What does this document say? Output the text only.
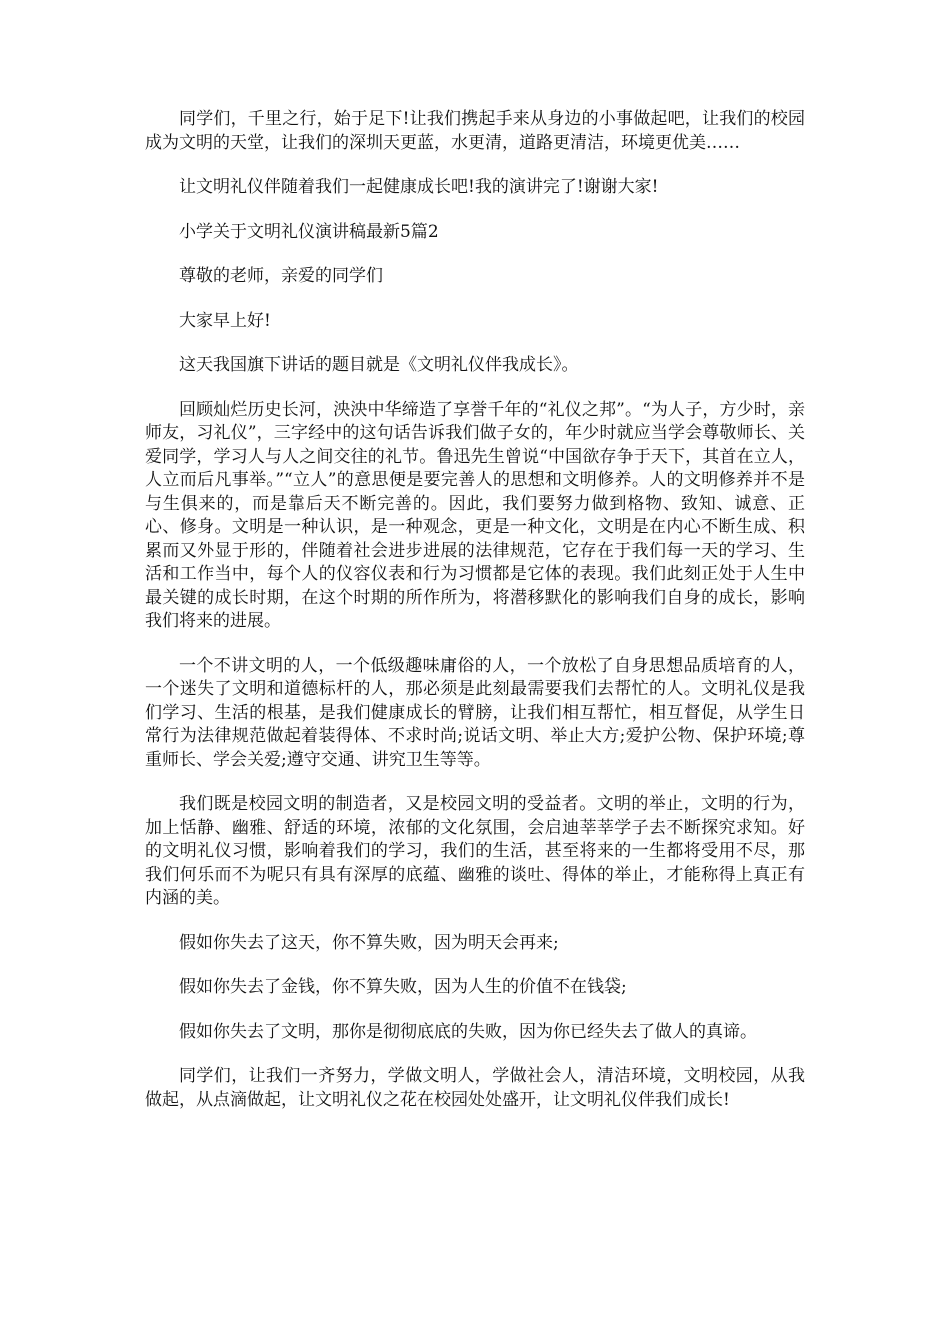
同学们，千里之行，始于足下!让我们携起手来从身边的小事做起吧，让我们的校园成为文明的天堂，让我们的深圳天更蓝，水更清，道路更清洁，环境更优美……

让文明礼仪伴随着我们一起健康成长吧!我的演讲完了!谢谢大家!

小学关于文明礼仪演讲稿最新5篇2

尊敬的老师，亲爱的同学们

大家早上好!

这天我国旗下讲话的题目就是《文明礼仪伴我成长》。

回顾灿烂历史长河，泱泱中华缔造了享誉千年的“礼仪之邦”。“为人子，方少时，亲师友，习礼仪”，三字经中的这句话告诉我们做子女的，年少时就应当学会尊敬师长、关爱同学，学习人与人之间交往的礼节。鲁迅先生曾说“中国欲存争于天下，其首在立人，人立而后凡事举。”“立人”的意思便是要完善人的思想和文明修养。人的文明修养并不是与生俱来的，而是靠后天不断完善的。因此，我们要努力做到格物、致知、诚意、正心、修身。文明是一种认识，是一种观念，更是一种文化，文明是在内心不断生成、积累而又外显于形的，伴随着社会进步进展的法律规范，它存在于我们每一天的学习、生活和工作当中，每个人的仪容仪表和行为习惯都是它体的表现。我们此刻正处于人生中最关键的成长时期，在这个时期的所作所为，将潜移默化的影响我们自身的成长，影响我们将来的进展。

一个不讲文明的人，一个低级趣味庸俗的人，一个放松了自身思想品质培育的人，一个迷失了文明和道德标杆的人，那必须是此刻最需要我们去帮忙的人。文明礼仪是我们学习、生活的根基，是我们健康成长的臂膀，让我们相互帮忙，相互督促，从学生日常行为法律规范做起着装得体、不求时尚;说话文明、举止大方;爱护公物、保护环境;尊重师长、学会关爱;遵守交通、讲究卫生等等。

我们既是校园文明的制造者，又是校园文明的受益者。文明的举止，文明的行为，加上恬静、幽雅、舒适的环境，浓郁的文化氛围，会启迪莘莘学子去不断探究求知。好的文明礼仪习惯，影响着我们的学习，我们的生活，甚至将来的一生都将受用不尽，那我们何乐而不为呢只有具有深厚的底蕴、幽雅的谈吐、得体的举止，才能称得上真正有内涵的美。

假如你失去了这天，你不算失败，因为明天会再来;

假如你失去了金钱，你不算失败，因为人生的价值不在钱袋;

假如你失去了文明，那你是彻彻底底的失败，因为你已经失去了做人的真谛。

同学们，让我们一齐努力，学做文明人，学做社会人，清洁环境，文明校园，从我做起，从点滴做起，让文明礼仪之花在校园处处盛开，让文明礼仪伴我们成长!
